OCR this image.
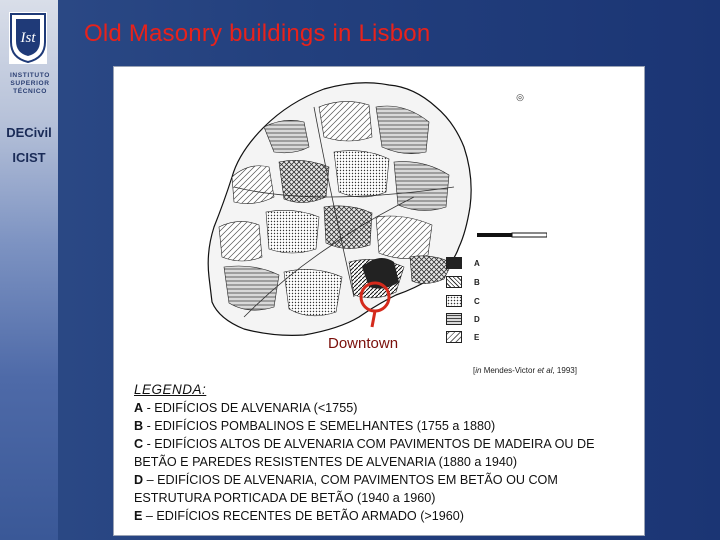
Ist
INSTITUTO
SUPERIOR
TÉCNICO
DECivil
ICIST
Old Masonry buildings in Lisbon
◎
A
B
C
D
E
Downtown
[in Mendes-Victor et al, 1993]
LEGENDA:
A - EDIFÍCIOS DE ALVENARIA (<1755)
B - EDIFÍCIOS POMBALINOS E SEMELHANTES (1755 a 1880)
C - EDIFÍCIOS ALTOS DE ALVENARIA COM PAVIMENTOS DE MADEIRA OU DE BETÃO E PAREDES RESISTENTES DE ALVENARIA (1880 a 1940)
D – EDIFÍCIOS DE ALVENARIA, COM PAVIMENTOS EM BETÃO OU COM ESTRUTURA PORTICADA DE BETÃO (1940 a 1960)
E – EDIFÍCIOS RECENTES DE BETÃO ARMADO (>1960)
